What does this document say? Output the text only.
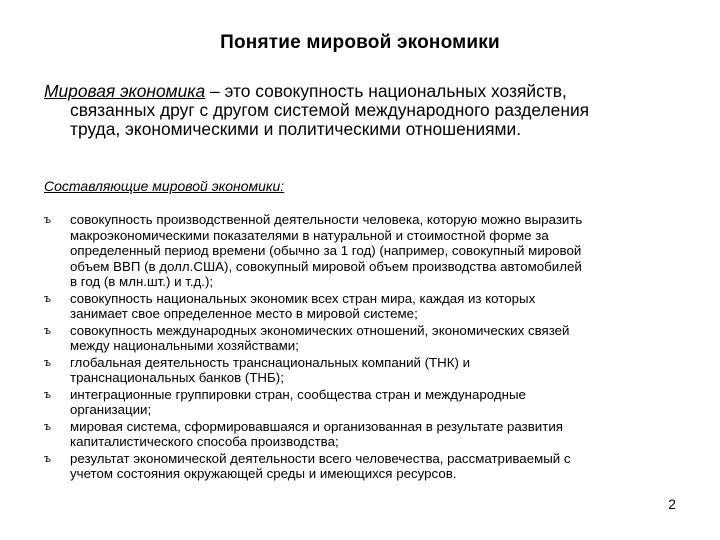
Понятие мировой экономики
Мировая экономика – это совокупность национальных хозяйств,
связанных друг с другом системой международного разделения
труда, экономическими и политическими отношениями.
Составляющие мировой экономики:
ъ	совокупность производственной деятельности человека, которую можно выразить
макроэкономическими показателями в натуральной и стоимостной форме за
определенный период времени (обычно за 1 год) (например, совокупный мировой
объем ВВП (в долл.США), совокупный мировой объем производства автомобилей
в год (в млн.шт.) и т.д.);
ъ	совокупность национальных экономик всех стран мира, каждая из которых
занимает свое определенное место в мировой системе;
ъ	совокупность международных экономических отношений, экономических связей
между национальными хозяйствами;
ъ	глобальная деятельность транснациональных компаний (ТНК) и
транснациональных банков (ТНБ);
ъ	интеграционные группировки стран, сообщества стран и международные
организации;
ъ	мировая система, сформировавшаяся и организованная в результате развития
капиталистического способа производства;
ъ	результат экономической деятельности всего человечества, рассматриваемый с
учетом состояния окружающей среды и имеющихся ресурсов.
2
